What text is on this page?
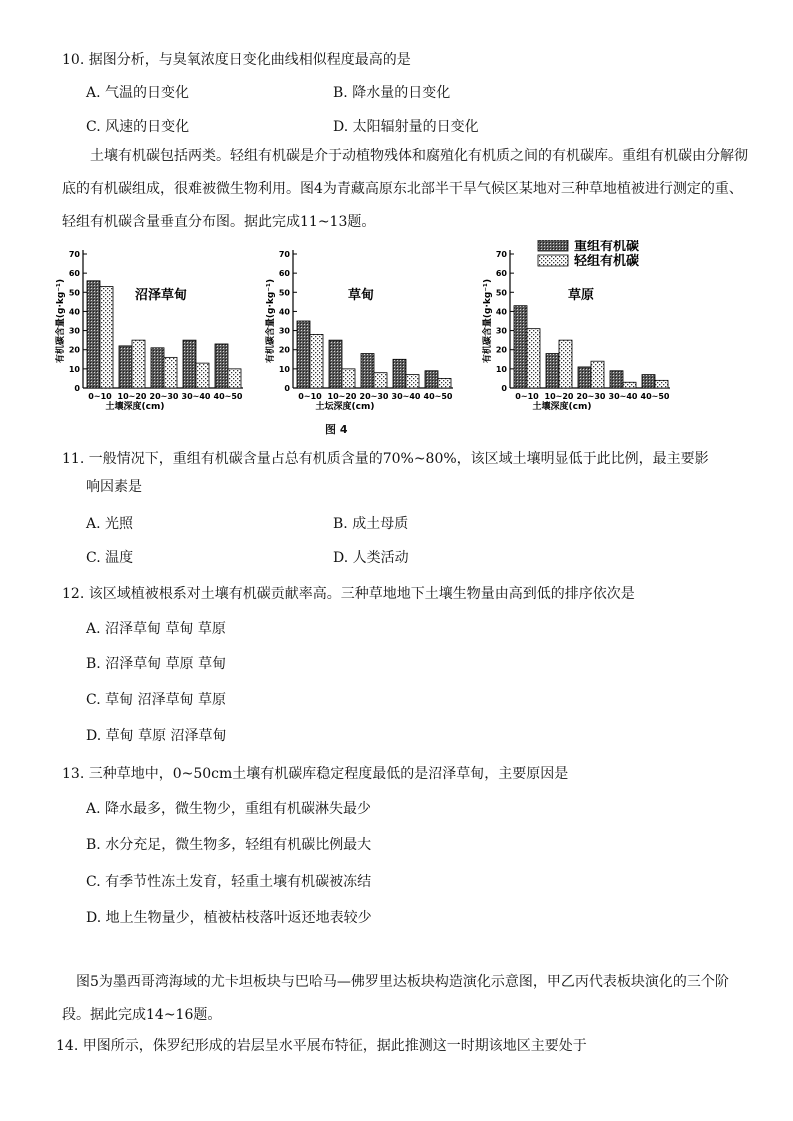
10. 据图分析，与臭氧浓度日变化曲线相似程度最高的是
A. 气温的日变化	B. 降水量的日变化
C. 风速的日变化	D. 太阳辐射量的日变化
土壤有机碳包括两类。轻组有机碳是介于动植物残体和腐殖化有机质之间的有机碳库。重组有机碳由分解彻底的有机碳组成，很难被微生物利用。图4为青藏高原东北部半干旱气候区某地对三种草地植被进行测定的重、轻组有机碳含量垂直分布图。据此完成11~13题。
重组有机碳
轻组有机碳
0
10
20
30
40
50
60
70
有机碳含量(g·kg⁻¹)	沼泽草甸
0~10 10~20 20~30 30~40 40~50
土壤深度(cm)
0
10
20
30
40
50
60
70
有机碳含量(g·kg⁻¹)	草甸
0~10 10~20 20~30 30~40 40~50
土坛深度(cm)
0
10
20
30
40
50
60
70
有机碳含量(g·kg⁻¹)	草原
0~10 10~20 20~30 30~40 40~50
土壤深度(cm)
图 4
11. 一般情况下，重组有机碳含量占总有机质含量的70%~80%，该区域土壤明显低于此比例，最主要影
响因素是
A. 光照	B. 成土母质
C. 温度	D. 人类活动
12. 该区域植被根系对土壤有机碳贡献率高。三种草地地下土壤生物量由高到低的排序依次是
A. 沼泽草甸 草甸 草原
B. 沼泽草甸 草原 草甸
C. 草甸 沼泽草甸 草原
D. 草甸 草原 沼泽草甸
13. 三种草地中，0~50cm土壤有机碳库稳定程度最低的是沼泽草甸，主要原因是
A. 降水最多，微生物少，重组有机碳淋失最少
B. 水分充足，微生物多，轻组有机碳比例最大
C. 有季节性冻土发育，轻重土壤有机碳被冻结
D. 地上生物量少，植被枯枝落叶返还地表较少
图5为墨西哥湾海域的尤卡坦板块与巴哈马—佛罗里达板块构造演化示意图，甲乙丙代表板块演化的三个阶段。据此完成14~16题。
14. 甲图所示，侏罗纪形成的岩层呈水平展布特征，据此推测这一时期该地区主要处于
